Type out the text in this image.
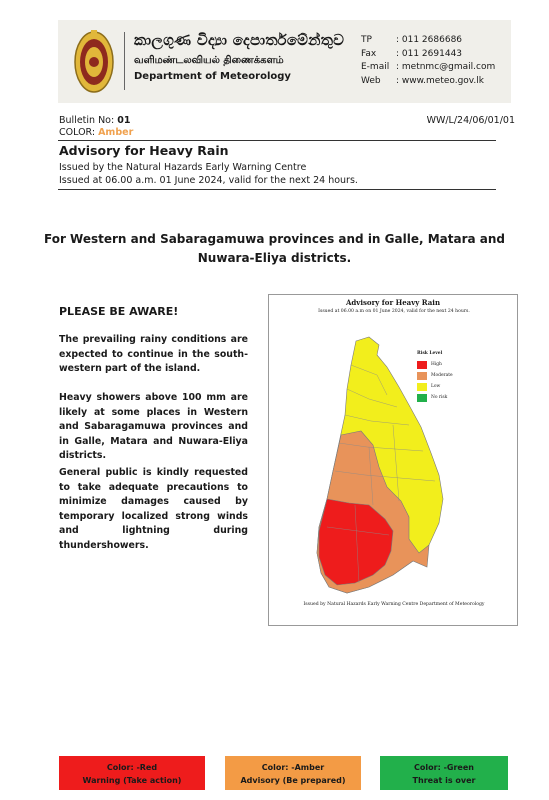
කාලගුණ විද්‍යා දෙපාර්තමේන්තුව
வளிமண்டலவியல் திணைக்களம்
Department of Meteorology
TP	: 011 2686686
Fax	: 011 2691443
E-mail : metnmc@gmail.com
Web	: www.meteo.gov.lk
Bulletin No: 01
COLOR: Amber
WW/L/24/06/01/01
Advisory for Heavy Rain
Issued by the Natural Hazards Early Warning Centre
Issued at 06.00 a.m. 01 June 2024, valid for the next 24 hours.
For Western and Sabaragamuwa provinces and in Galle, Matara and Nuwara-Eliya districts.
PLEASE BE AWARE!
The prevailing rainy conditions are expected to continue in the south-western part of the island.
Heavy showers above 100 mm are likely at some places in Western and Sabaragamuwa provinces and in Galle, Matara and Nuwara-Eliya districts.
General public is kindly requested to take adequate precautions to minimize damages caused by temporary localized strong winds and lightning during thundershowers.
Advisory for Heavy Rain
Issued at 06.00 a.m on 01 June 2024, valid for the next 24 hours.
Risk Level
High
Moderate
Low
No risk
Issued by Natural Hazards Early Warning Centre Department of Meteorology
Color: -Red
Warning (Take action)
Color: -Amber
Advisory (Be prepared)
Color: -Green
Threat is over
